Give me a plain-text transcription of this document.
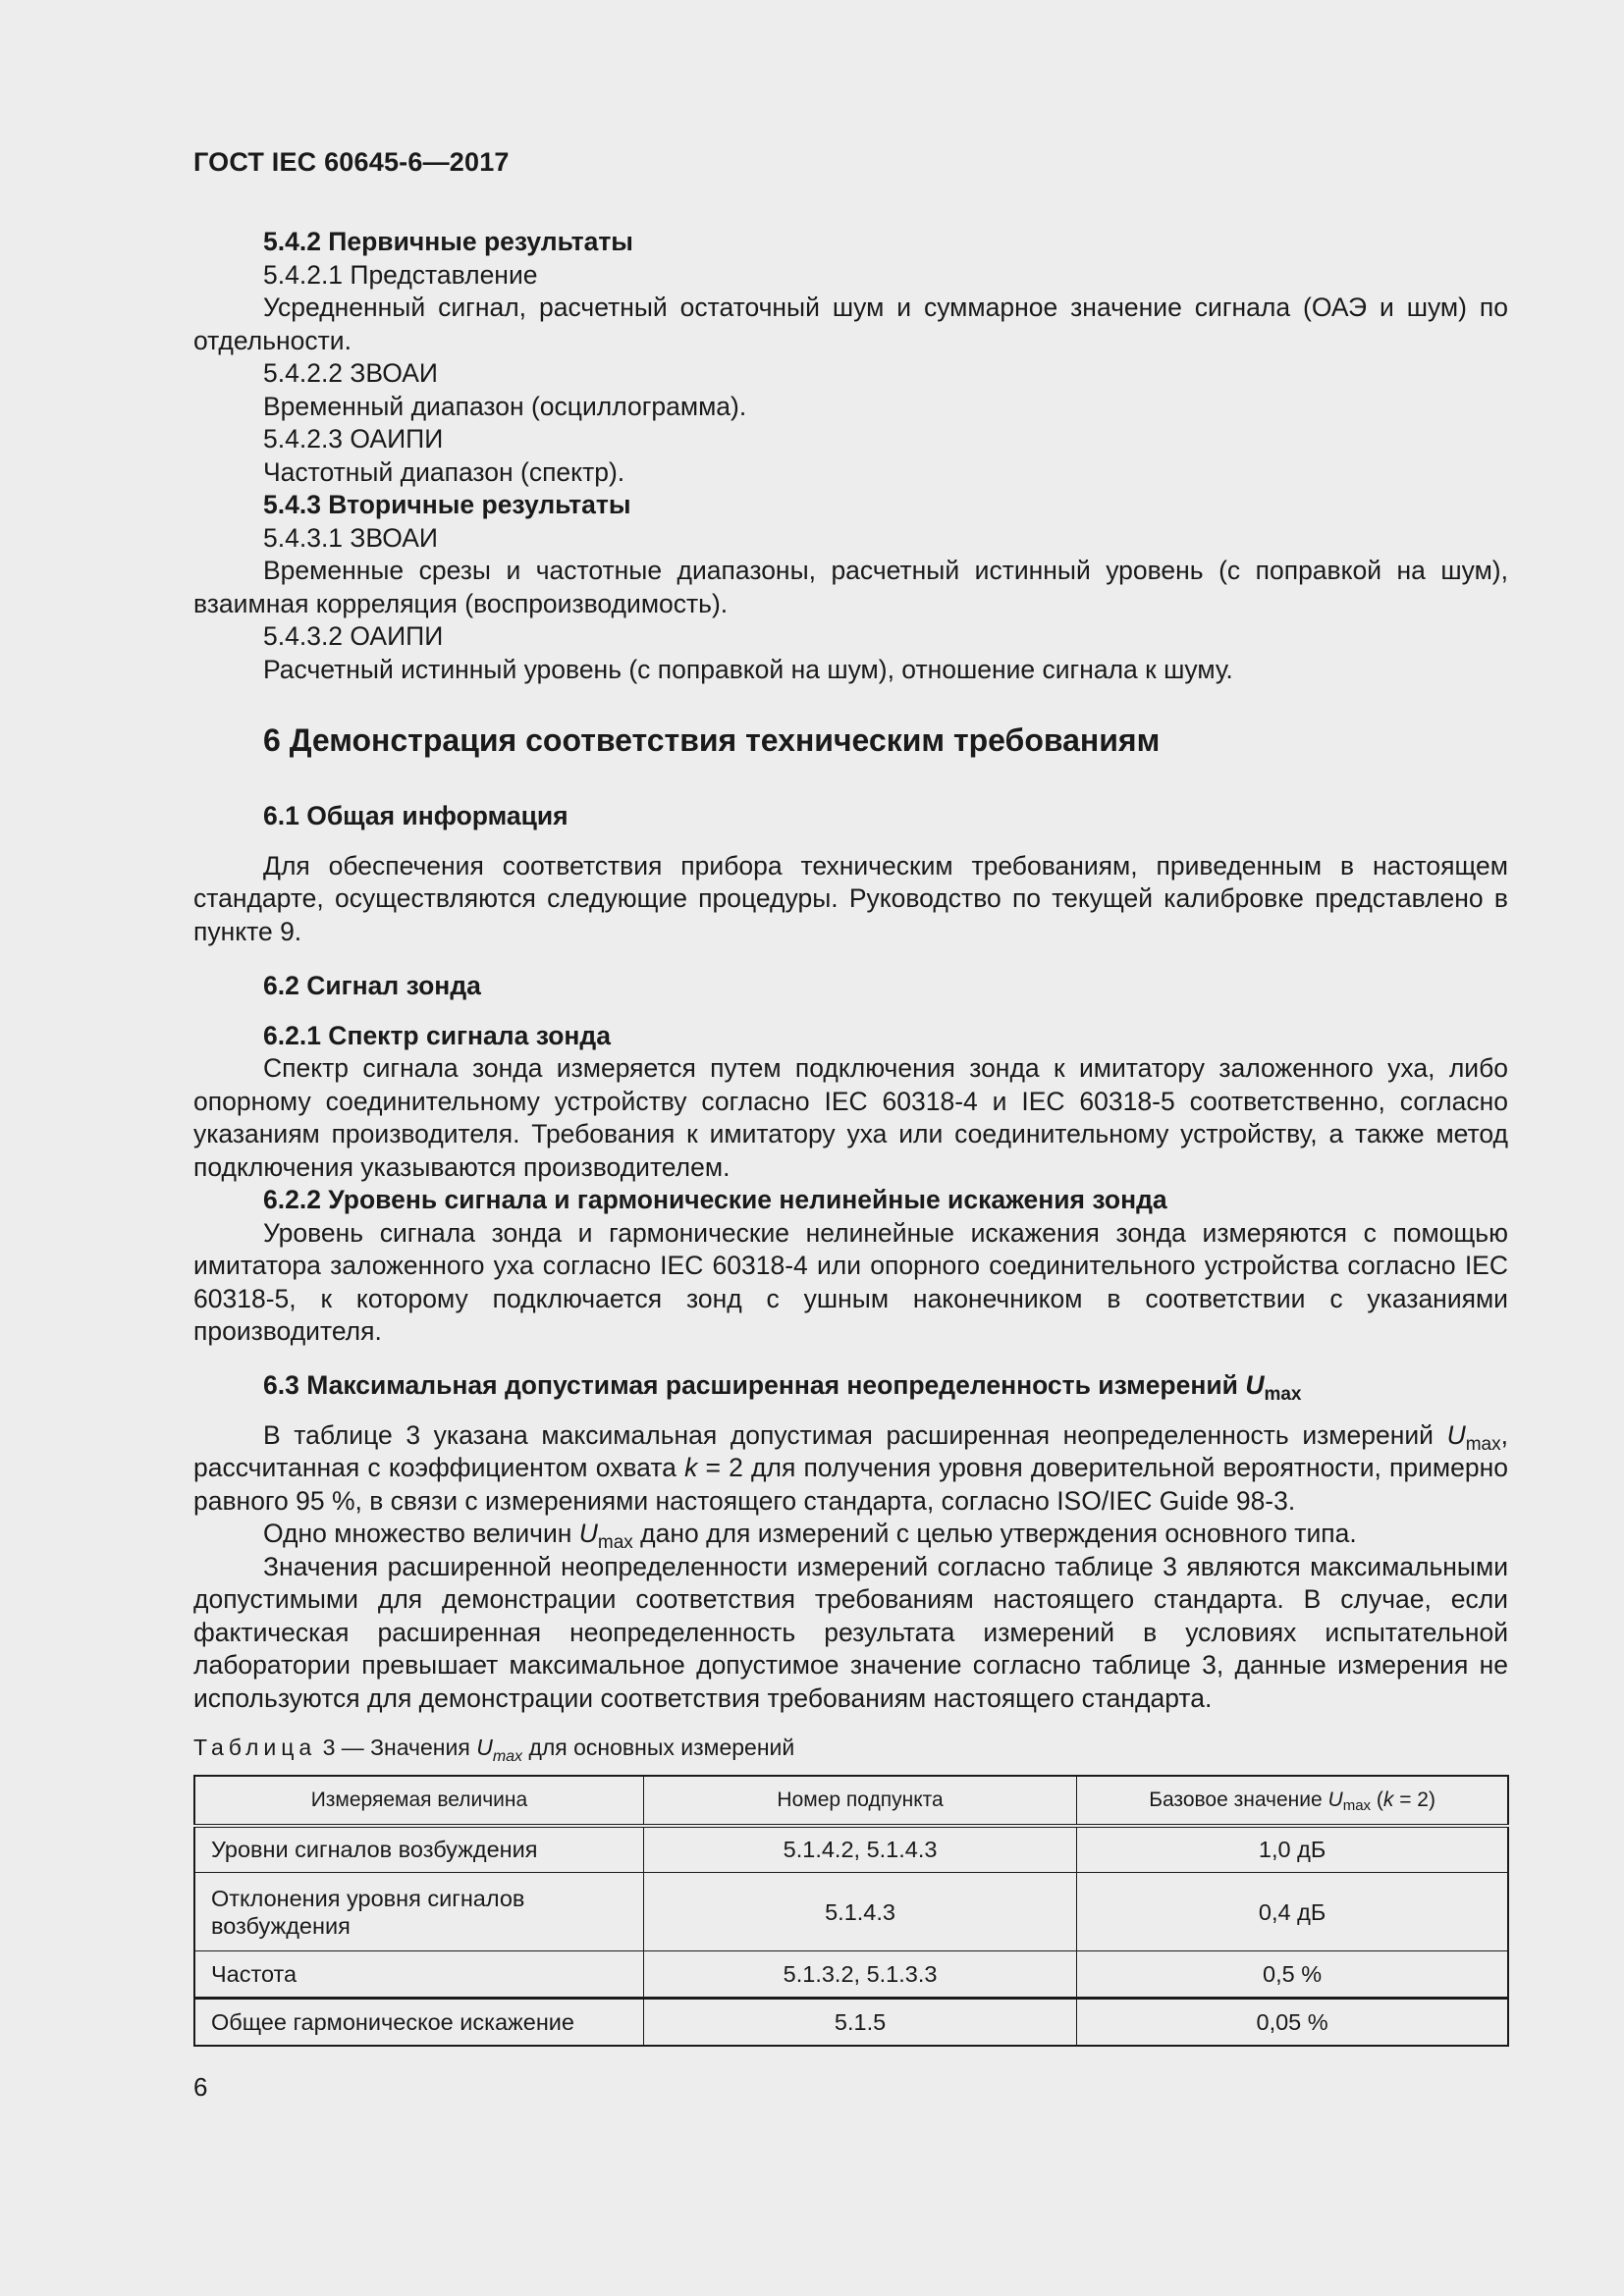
ГОСТ IEC 60645-6—2017

5.4.2 Первичные результаты

5.4.2.1 Представление

Усредненный сигнал, расчетный остаточный шум и суммарное значение сигнала (ОАЭ и шум) по отдельности.

5.4.2.2 ЗВОАИ

Временный диапазон (осциллограмма).

5.4.2.3 ОАИПИ

Частотный диапазон (спектр).

5.4.3 Вторичные результаты

5.4.3.1 ЗВОАИ

Временные срезы и частотные диапазоны, расчетный истинный уровень (с поправкой на шум), взаимная корреляция (воспроизводимость).

5.4.3.2 ОАИПИ

Расчетный истинный уровень (с поправкой на шум), отношение сигнала к шуму.

6 Демонстрация соответствия техническим требованиям

6.1 Общая информация

Для обеспечения соответствия прибора техническим требованиям, приведенным в настоящем стандарте, осуществляются следующие процедуры. Руководство по текущей калибровке представлено в пункте 9.

6.2 Сигнал зонда

6.2.1 Спектр сигнала зонда

Спектр сигнала зонда измеряется путем подключения зонда к имитатору заложенного уха, либо опорному соединительному устройству согласно IEC 60318-4 и IEC 60318-5 соответственно, согласно указаниям производителя. Требования к имитатору уха или соединительному устройству, а также метод подключения указываются производителем.

6.2.2 Уровень сигнала и гармонические нелинейные искажения зонда

Уровень сигнала зонда и гармонические нелинейные искажения зонда измеряются с помощью имитатора заложенного уха согласно IEC 60318-4 или опорного соединительного устройства согласно IEC 60318-5, к которому подключается зонд с ушным наконечником в соответствии с указаниями производителя.

6.3 Максимальная допустимая расширенная неопределенность измерений $U_{max}$

В таблице 3 указана максимальная допустимая расширенная неопределенность измерений $U_{max}$, рассчитанная с коэффициентом охвата k = 2 для получения уровня доверительной вероятности, примерно равного 95 %, в связи с измерениями настоящего стандарта, согласно ISO/IEC Guide 98-3.

Одно множество величин $U_{max}$ дано для измерений с целью утверждения основного типа.

Значения расширенной неопределенности измерений согласно таблице 3 являются максимальными допустимыми для демонстрации соответствия требованиям настоящего стандарта. В случае, если фактическая расширенная неопределенность результата измерений в условиях испытательной лаборатории превышает максимальное допустимое значение согласно таблице 3, данные измерения не используются для демонстрации соответствия требованиям настоящего стандарта.

Таблица 3 — Значения $U_{max}$ для основных измерений

Измеряемая величина	Номер подпункта	Базовое значение $U_{max}$ (k = 2)
Уровни сигналов возбуждения	5.1.4.2, 5.1.4.3	1,0 дБ
Отклонения уровня сигналов возбуждения	5.1.4.3	0,4 дБ
Частота	5.1.3.2, 5.1.3.3	0,5 %
Общее гармоническое искажение	5.1.5	0,05 %
6
